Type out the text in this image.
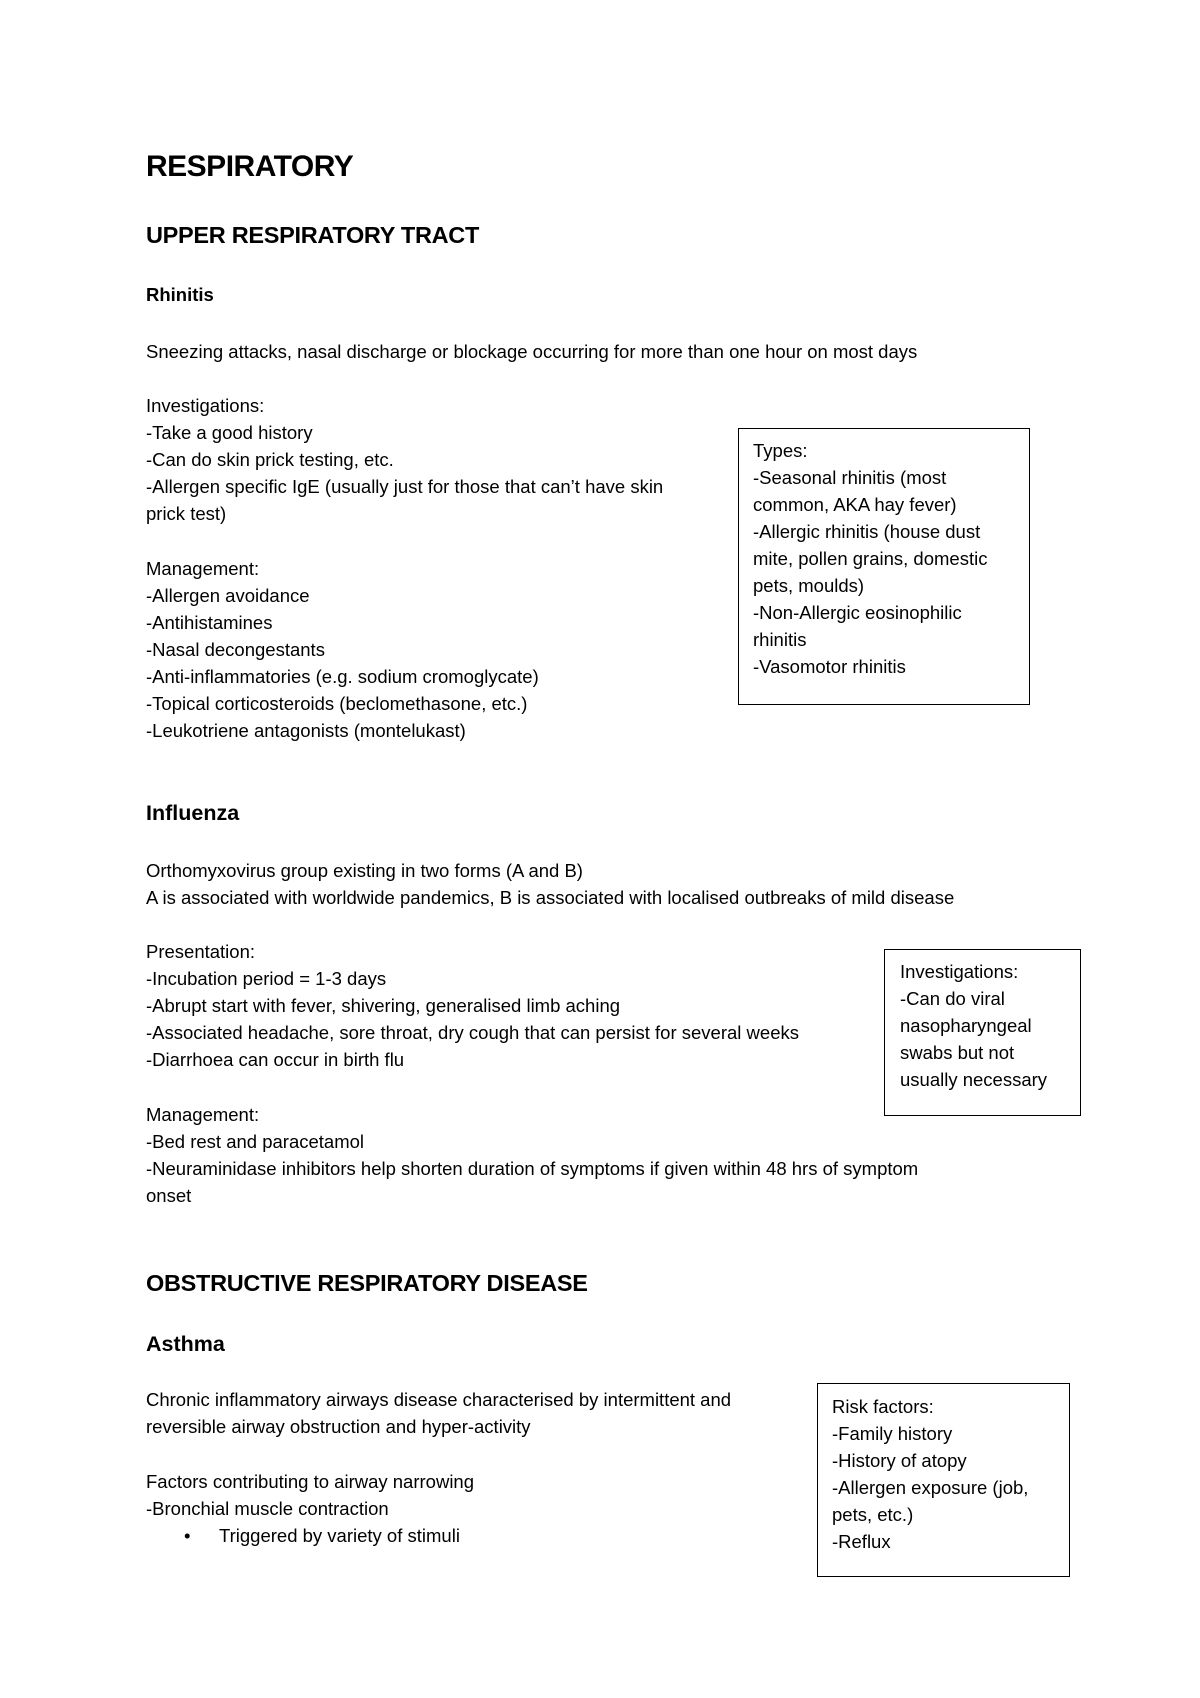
RESPIRATORY
UPPER RESPIRATORY TRACT
Rhinitis
Sneezing attacks, nasal discharge or blockage occurring for more than one hour on most days
Investigations:
-Take a good history
-Can do skin prick testing, etc.
-Allergen specific IgE (usually just for those that can’t have skin
prick test)
Management:
-Allergen avoidance
-Antihistamines
-Nasal decongestants
-Anti-inflammatories (e.g. sodium cromoglycate)
-Topical corticosteroids (beclomethasone, etc.)
-Leukotriene antagonists (montelukast)
Types:
-Seasonal rhinitis (most
common, AKA hay fever)
-Allergic rhinitis (house dust
mite, pollen grains, domestic
pets, moulds)
-Non-Allergic eosinophilic
rhinitis
-Vasomotor rhinitis
Influenza
Orthomyxovirus group existing in two forms (A and B)
A is associated with worldwide pandemics, B is associated with localised outbreaks of mild disease
Presentation:
-Incubation period = 1-3 days
-Abrupt start with fever, shivering, generalised limb aching
-Associated headache, sore throat, dry cough that can persist for several weeks
-Diarrhoea can occur in birth flu
Management:
-Bed rest and paracetamol
-Neuraminidase inhibitors help shorten duration of symptoms if given within 48 hrs of symptom
onset
Investigations:
-Can do viral
nasopharyngeal
swabs but not
usually necessary
OBSTRUCTIVE RESPIRATORY DISEASE
Asthma
Chronic inflammatory airways disease characterised by intermittent and
reversible airway obstruction and hyper-activity
Factors contributing to airway narrowing
-Bronchial muscle contraction
• Triggered by variety of stimuli
Risk factors:
-Family history
-History of atopy
-Allergen exposure (job,
pets, etc.)
-Reflux
